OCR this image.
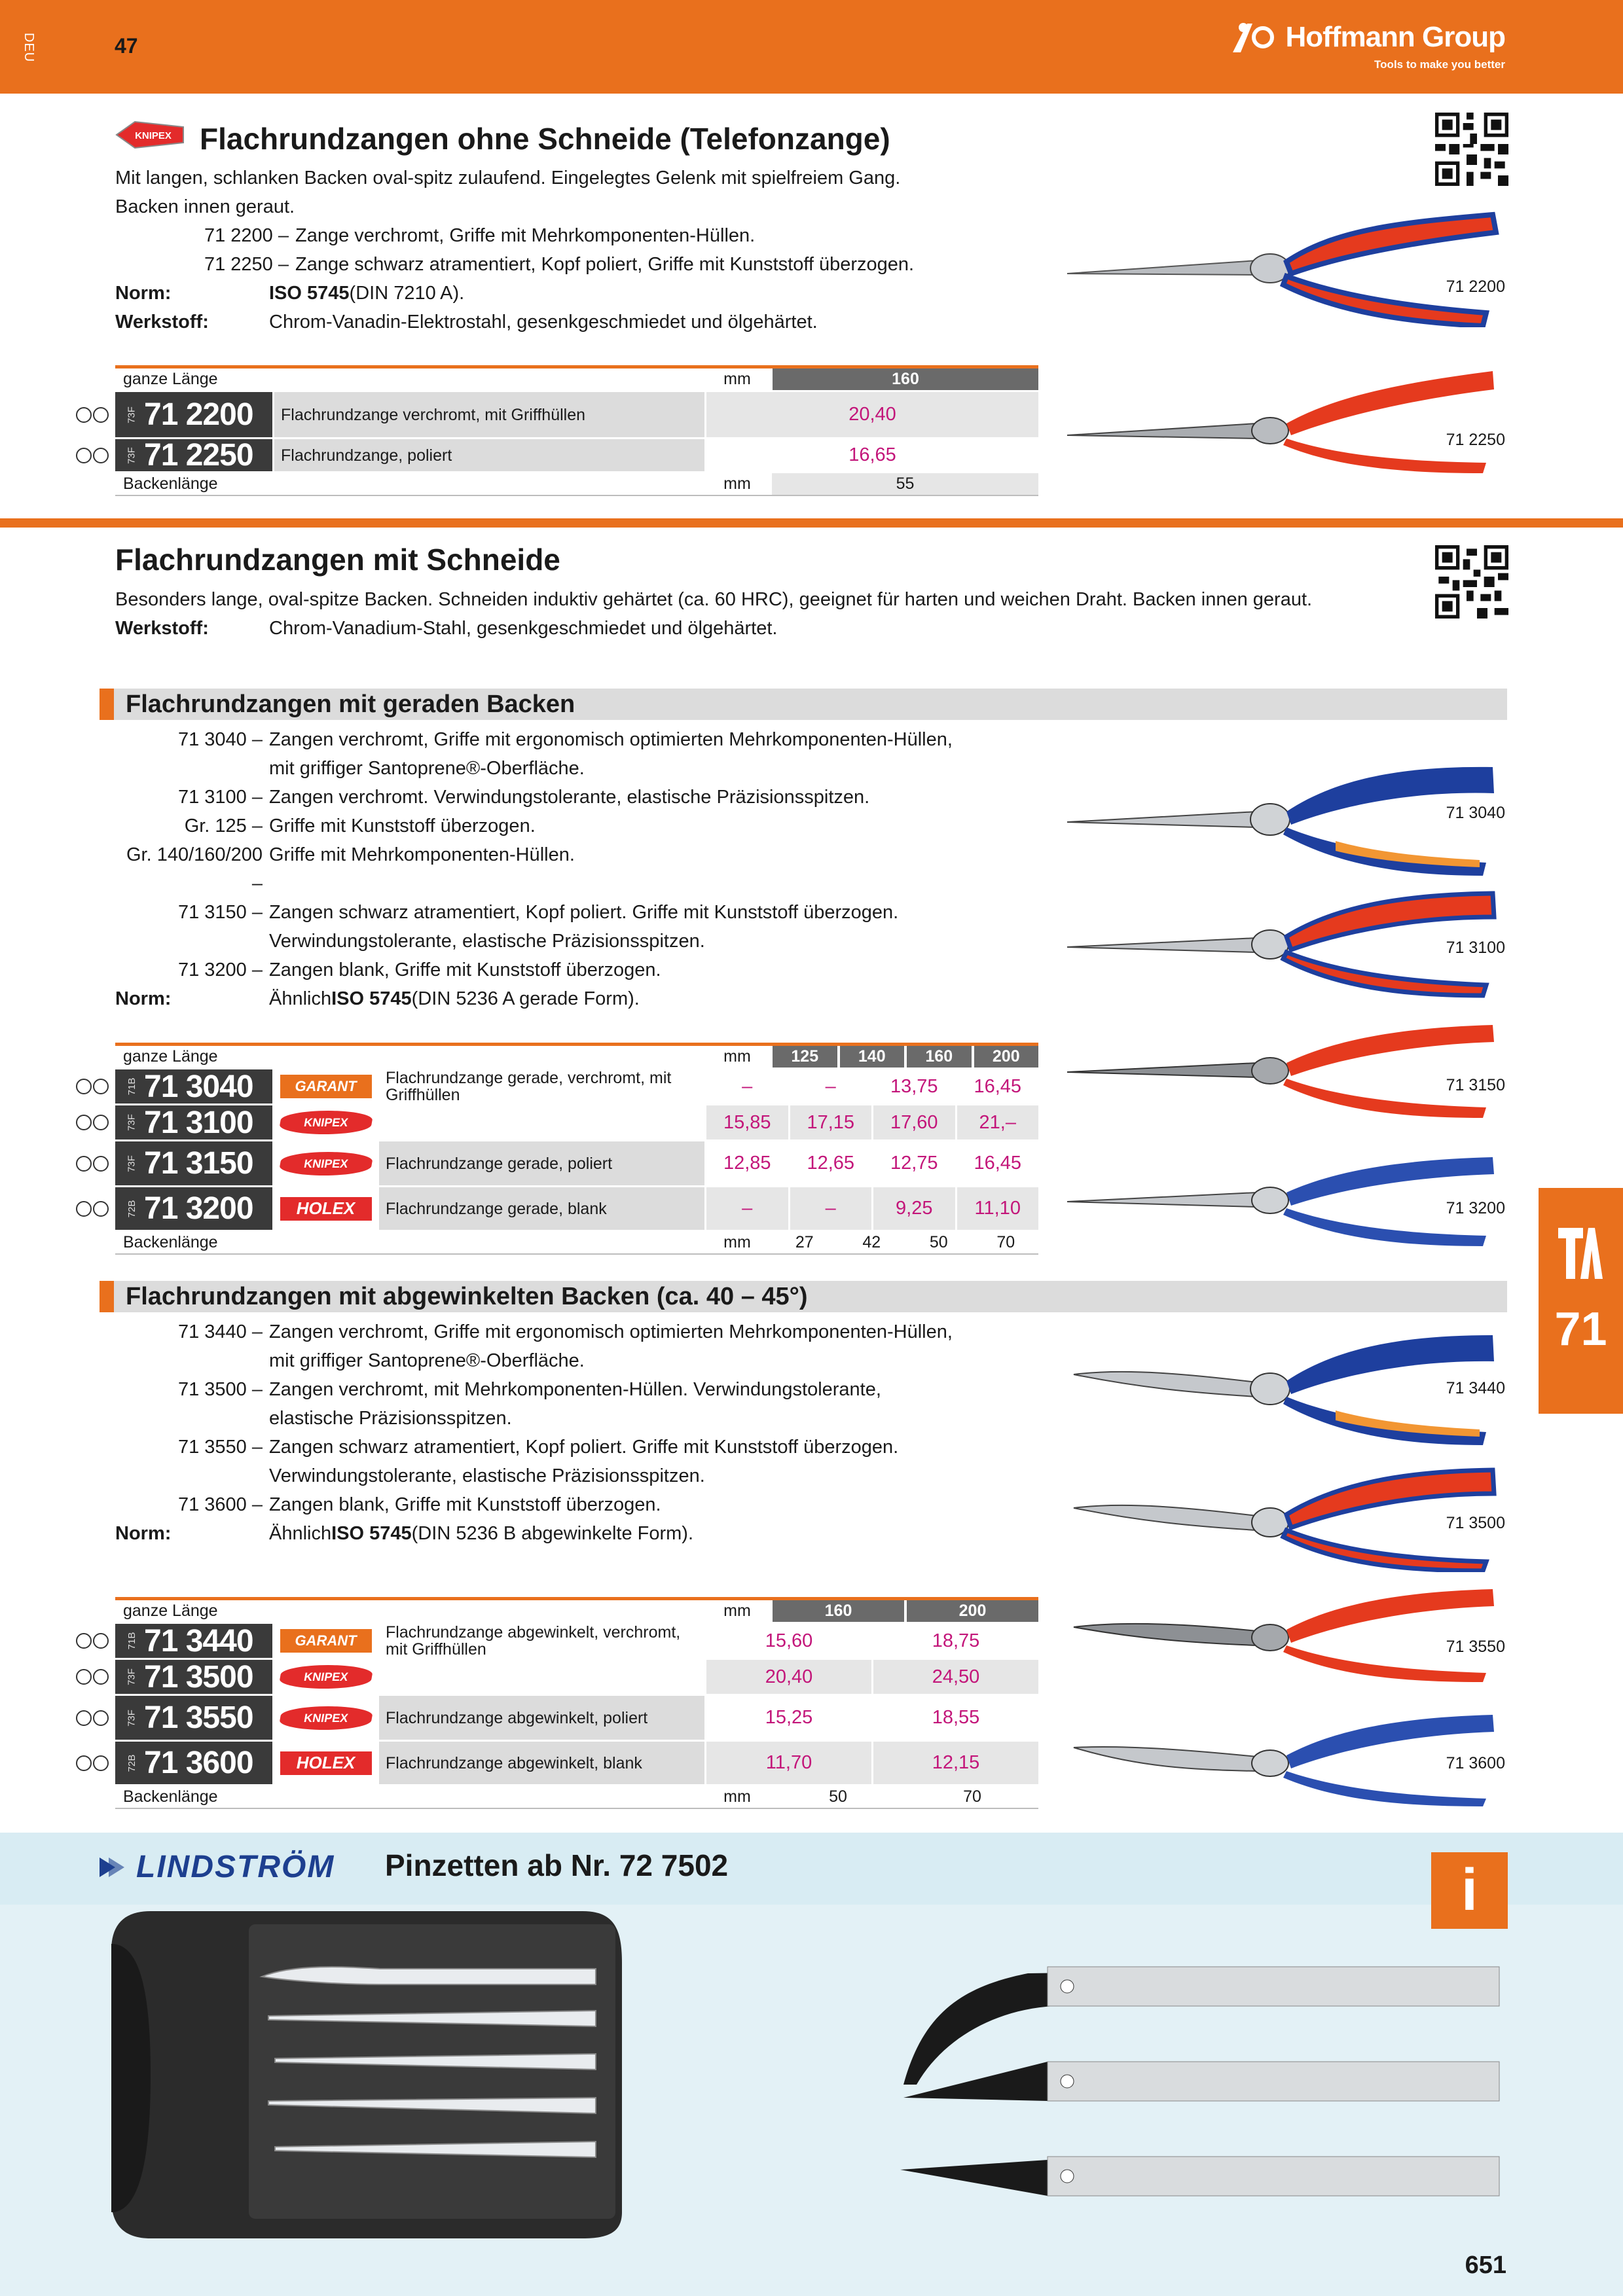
DEU	47	Hoffmann Group
Tools to make you better
KNIPEX Flachrundzangen ohne Schneide (Telefonzange)
Mit langen, schlanken Backen oval-spitz zulaufend. Eingelegtes Gelenk mit spielfreiem Gang.
Backen innen geraut.
71 2200 – Zange verchromt, Griffe mit Mehrkomponenten-Hüllen.
71 2250 – Zange schwarz atramentiert, Kopf poliert, Griffe mit Kunststoff überzogen.
Norm:	ISO 5745 (DIN 7210 A).
Werkstoff:	Chrom-Vanadin-Elektrostahl, gesenkgeschmiedet und ölgehärtet.
ganze Länge	mm	160
73F 71 2200	Flachrundzange verchromt, mit Griffhüllen	20,40
73F 71 2250	Flachrundzange, poliert	16,65
Backenlänge	mm	55
71 2200
71 2250
Flachrundzangen mit Schneide
Besonders lange, oval-spitze Backen. Schneiden induktiv gehärtet (ca. 60 HRC), geeignet für harten und weichen Draht. Backen innen geraut.
Werkstoff:	Chrom-Vanadium-Stahl, gesenkgeschmiedet und ölgehärtet.
Flachrundzangen mit geraden Backen
71 3040 – Zangen verchromt, Griffe mit ergonomisch optimierten Mehrkomponenten-Hüllen,
mit griffiger Santoprene®-Oberfläche.
71 3100 – Zangen verchromt. Verwindungstolerante, elastische Präzisionsspitzen.
Gr. 125 – Griffe mit Kunststoff überzogen.
Gr. 140/160/200 –
Griffe mit Mehrkomponenten-Hüllen.
71 3150 – Zangen schwarz atramentiert, Kopf poliert. Griffe mit Kunststoff überzogen.
Verwindungstolerante, elastische Präzisionsspitzen.
71 3200 – Zangen blank, Griffe mit Kunststoff überzogen.
Norm:	Ähnlich ISO 5745 (DIN 5236 A gerade Form).
ganze Länge	mm	125	140	160	200
71B 71 3040	GARANT	Flachrundzange gerade, verchromt, mit Griffhüllen	–	–	13,75	16,45
73F 71 3100	KNIPEX	15,85	17,15	17,60	21,–
73F 71 3150	KNIPEX	Flachrundzange gerade, poliert	12,85	12,65	12,75	16,45
72B 71 3200	HOLEX	Flachrundzange gerade, blank	–	–	9,25	11,10
Backenlänge	mm	27	42	50	70
71 3040
71 3100
71 3150
71 3200
Flachrundzangen mit abgewinkelten Backen (ca. 40 – 45°)
71 3440 – Zangen verchromt, Griffe mit ergonomisch optimierten Mehrkomponenten-Hüllen,
mit griffiger Santoprene®-Oberfläche.
71 3500 – Zangen verchromt, mit Mehrkomponenten-Hüllen. Verwindungstolerante,
elastische Präzisionsspitzen.
71 3550 – Zangen schwarz atramentiert, Kopf poliert. Griffe mit Kunststoff überzogen.
Verwindungstolerante, elastische Präzisionsspitzen.
71 3600 – Zangen blank, Griffe mit Kunststoff überzogen.
Norm:	Ähnlich ISO 5745 (DIN 5236 B abgewinkelte Form).
ganze Länge	mm	160	200
71B 71 3440	GARANT	Flachrundzange abgewinkelt, verchromt, mit Griffhüllen	15,60	18,75
73F 71 3500	KNIPEX	20,40	24,50
73F 71 3550	KNIPEX	Flachrundzange abgewinkelt, poliert	15,25	18,55
72B 71 3600	HOLEX	Flachrundzange abgewinkelt, blank	11,70	12,15
Backenlänge	mm	50	70
71 3440
71 3500
71 3550
71 3600
71
LINDSTRÖM Pinzetten ab Nr. 72 7502	i
651
